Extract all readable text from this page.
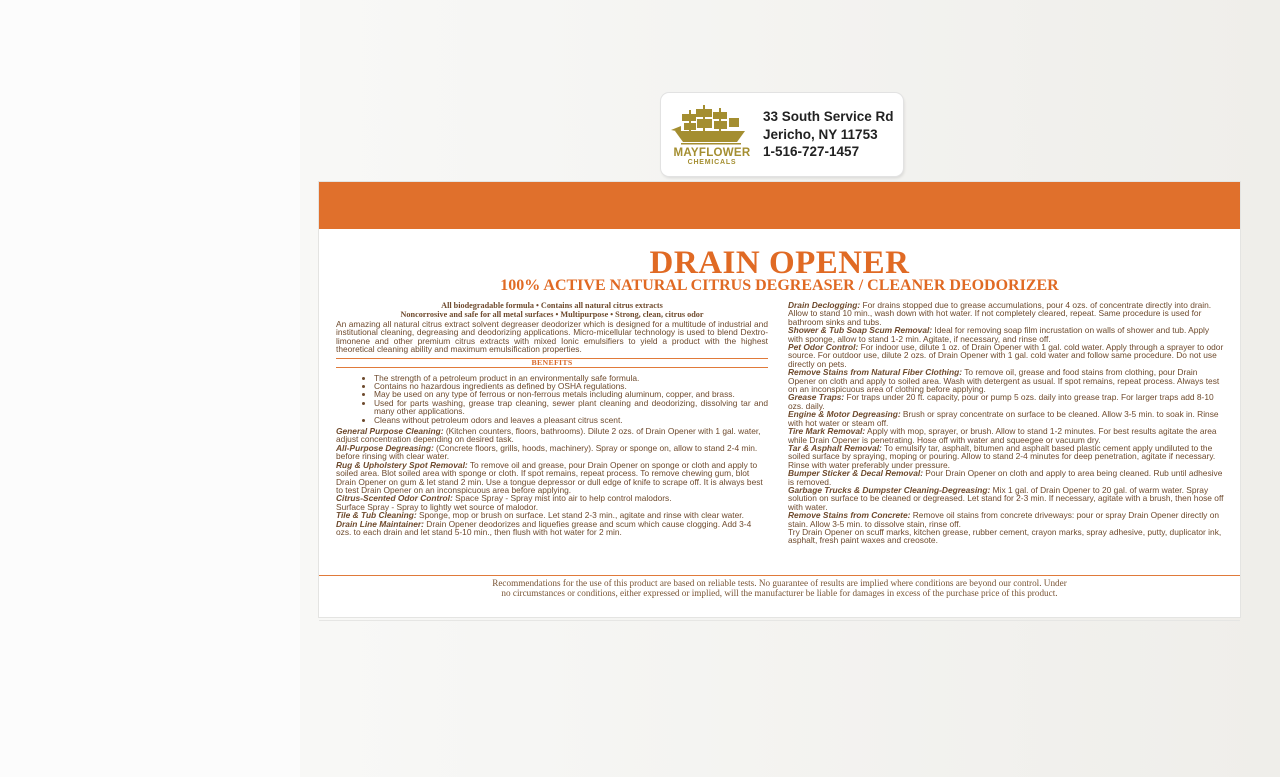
MAYFLOWER
CHEMICALS
33 South Service Rd
Jericho, NY 11753
1-516-727-1457
DRAIN OPENER
100% ACTIVE NATURAL CITRUS DEGREASER / CLEANER DEODORIZER
All biodegradable formula • Contains all natural citrus extracts
Noncorrosive and safe for all metal surfaces • Multipurpose • Strong, clean, citrus odor
An amazing all natural citrus extract solvent degreaser deodorizer which is designed for a multitude of industrial and institutional cleaning, degreasing and deodorizing applications. Micro-micellular technology is used to blend Dextro-limonene and other premium citrus extracts with mixed Ionic emulsifiers to yield a product with the highest theoretical cleaning ability and maximum emulsification properties.
BENEFITS
• The strength of a petroleum product in an environmentally safe formula.
• Contains no hazardous ingredients as defined by OSHA regulations.
• May be used on any type of ferrous or non-ferrous metals including aluminum, copper, and brass.
• Used for parts washing, grease trap cleaning, sewer plant cleaning and deodorizing, dissolving tar and many other applications.
• Cleans without petroleum odors and leaves a pleasant citrus scent.
General Purpose Cleaning: (Kitchen counters, floors, bathrooms). Dilute 2 ozs. of Drain Opener with 1 gal. water, adjust concentration depending on desired task.
All-Purpose Degreasing: (Concrete floors, grills, hoods, machinery). Spray or sponge on, allow to stand 2-4 min. before rinsing with clear water.
Rug & Upholstery Spot Removal: To remove oil and grease, pour Drain Opener on sponge or cloth and apply to soiled area. Blot soiled area with sponge or cloth. If spot remains, repeat process. To remove chewing gum, blot Drain Opener on gum & let stand 2 min. Use a tongue depressor or dull edge of knife to scrape off. It is always best to test Drain Opener on an inconspicuous area before applying.
Citrus-Scented Odor Control: Space Spray - Spray mist into air to help control malodors.
Surface Spray - Spray to lightly wet source of malodor.
Tile & Tub Cleaning: Sponge, mop or brush on surface. Let stand 2-3 min., agitate and rinse with clear water.
Drain Line Maintainer: Drain Opener deodorizes and liquefies grease and scum which cause clogging. Add 3-4 ozs. to each drain and let stand 5-10 min., then flush with hot water for 2 min.
Drain Declogging: For drains stopped due to grease accumulations, pour 4 ozs. of concentrate directly into drain. Allow to stand 10 min., wash down with hot water. If not completely cleared, repeat. Same procedure is used for bathroom sinks and tubs.
Shower & Tub Soap Scum Removal: Ideal for removing soap film incrustation on walls of shower and tub. Apply with sponge, allow to stand 1-2 min. Agitate, if necessary, and rinse off.
Pet Odor Control: For indoor use, dilute 1 oz. of Drain Opener with 1 gal. cold water. Apply through a sprayer to odor source. For outdoor use, dilute 2 ozs. of Drain Opener with 1 gal. cold water and follow same procedure. Do not use directly on pets.
Remove Stains from Natural Fiber Clothing: To remove oil, grease and food stains from clothing, pour Drain Opener on cloth and apply to soiled area. Wash with detergent as usual. If spot remains, repeat process. Always test on an inconspicuous area of clothing before applying.
Grease Traps: For traps under 20 ft. capacity, pour or pump 5 ozs. daily into grease trap. For larger traps add 8-10 ozs. daily.
Engine & Motor Degreasing: Brush or spray concentrate on surface to be cleaned. Allow 3-5 min. to soak in. Rinse with hot water or steam off.
Tire Mark Removal: Apply with mop, sprayer, or brush. Allow to stand 1-2 minutes. For best results agitate the area while Drain Opener is penetrating. Hose off with water and squeegee or vacuum dry.
Tar & Asphalt Removal: To emulsify tar, asphalt, bitumen and asphalt based plastic cement apply undiluted to the soiled surface by spraying, moping or pouring. Allow to stand 2-4 minutes for deep penetration, agitate if necessary. Rinse with water preferably under pressure.
Bumper Sticker & Decal Removal: Pour Drain Opener on cloth and apply to area being cleaned. Rub until adhesive is removed.
Garbage Trucks & Dumpster Cleaning-Degreasing: Mix 1 gal. of Drain Opener to 20 gal. of warm water. Spray solution on surface to be cleaned or degreased. Let stand for 2-3 min. If necessary, agitate with a brush, then hose off with water.
Remove Stains from Concrete: Remove oil stains from concrete driveways: pour or spray Drain Opener directly on stain. Allow 3-5 min. to dissolve stain, rinse off.
Try Drain Opener on scuff marks, kitchen grease, rubber cement, crayon marks, spray adhesive, putty, duplicator ink, asphalt, fresh paint waxes and creosote.
Recommendations for the use of this product are based on reliable tests. No guarantee of results are implied where conditions are beyond our control. Under
no circumstances or conditions, either expressed or implied, will the manufacturer be liable for damages in excess of the purchase price of this product.
